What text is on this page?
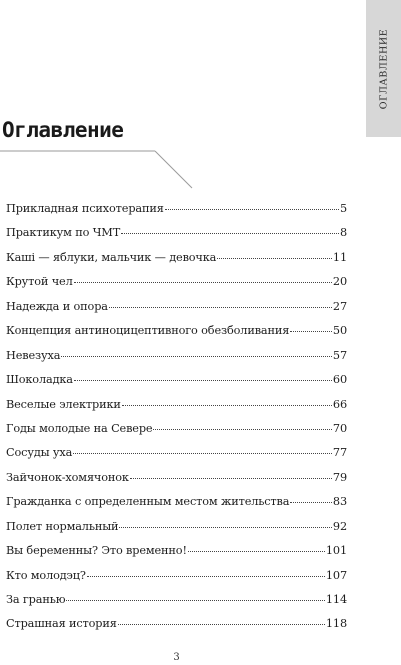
ОГЛАВЛЕНИЕ
Оглавление
Прикладная психотерапия	5
Практикум по ЧМТ	8
Каші — яблуки, мальчик — девочка	11
Крутой чел	20
Надежда и опора	27
Концепция антиноцицептивного обезболивания	50
Невезуха	57
Шоколадка	60
Веселые электрики	66
Годы молодые на Севере	70
Сосуды уха	77
Зайчонок-хомячонок	79
Гражданка с определенным местом жительства	83
Полет нормальный	92
Вы беременны? Это временно!	101
Кто молодэц?	107
За гранью	114
Страшная история	118
3
